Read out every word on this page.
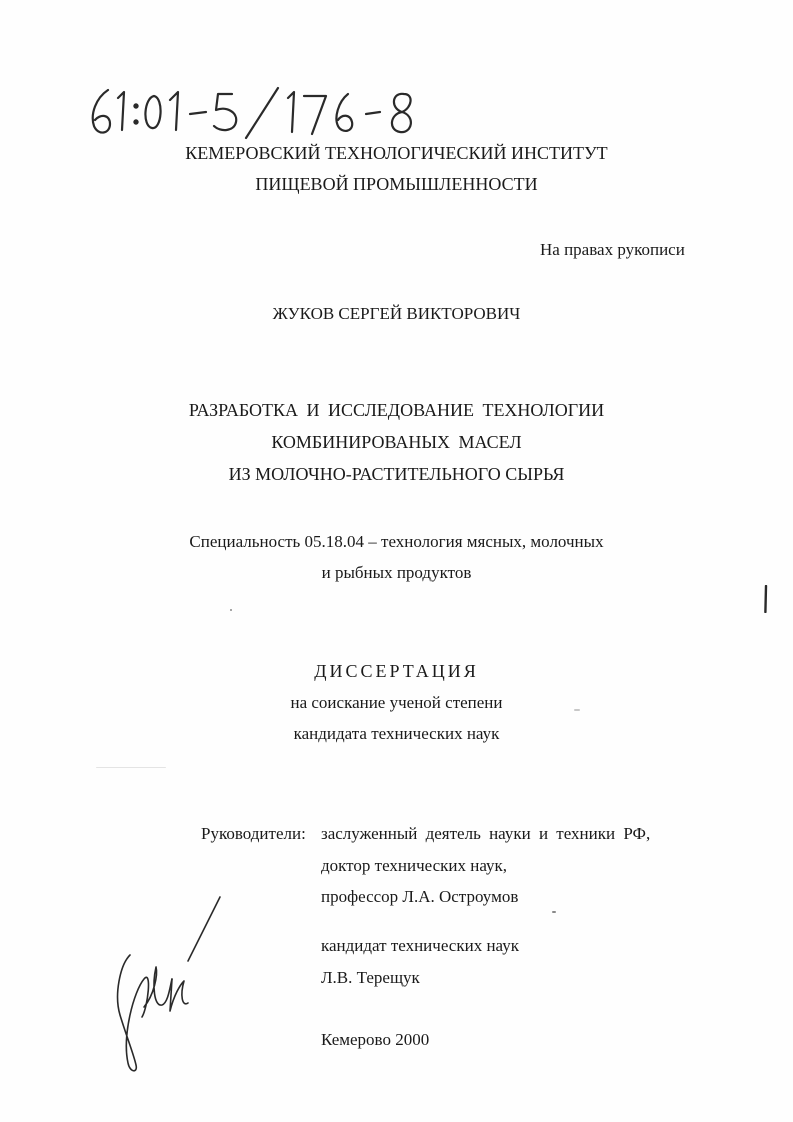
КЕМЕРОВСКИЙ ТЕХНОЛОГИЧЕСКИЙ ИНСТИТУТ
ПИЩЕВОЙ ПРОМЫШЛЕННОСТИ
На правах рукописи
ЖУКОВ СЕРГЕЙ ВИКТОРОВИЧ
РАЗРАБОТКА И ИССЛЕДОВАНИЕ ТЕХНОЛОГИИ
КОМБИНИРОВАНЫХ МАСЕЛ
ИЗ МОЛОЧНО-РАСТИТЕЛЬНОГО СЫРЬЯ
Специальность 05.18.04 – технология мясных, молочных
и рыбных продуктов
ДИССЕРТАЦИЯ
на соискание ученой степени
кандидата технических наук
Руководители: заслуженный деятель науки и техники РФ,
доктор технических наук,
профессор Л.А. Остроумов
кандидат технических наук
Л.В. Терещук
Кемерово 2000
